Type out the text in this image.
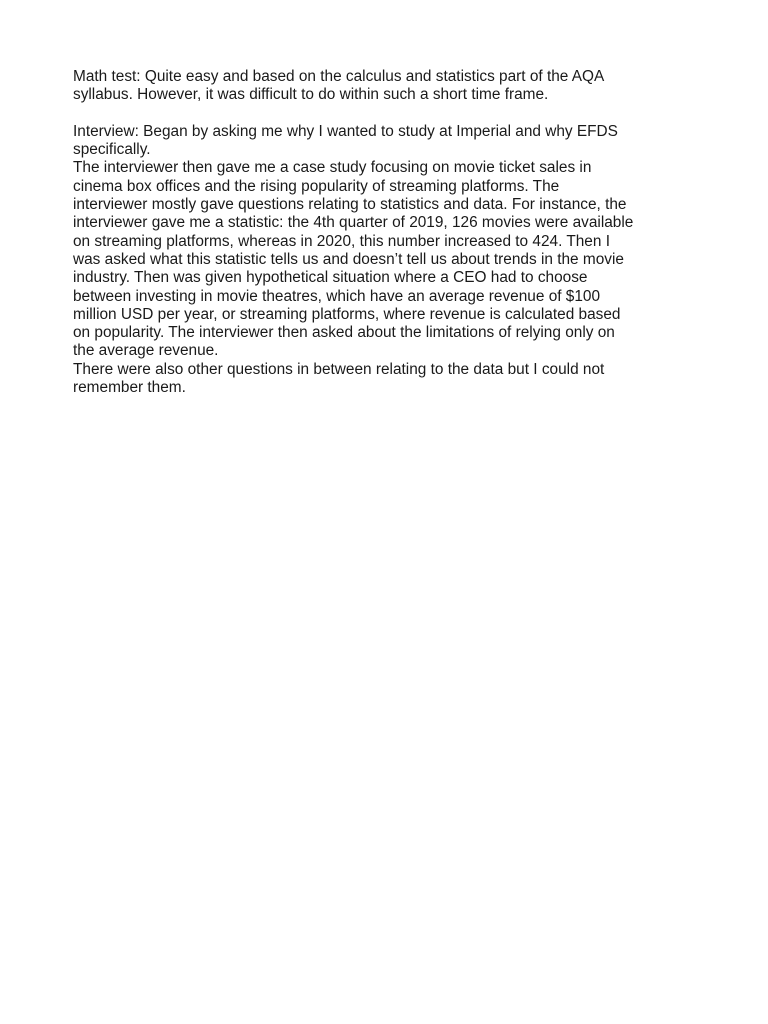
Math test: Quite easy and based on the calculus and statistics part of the AQA
syllabus. However, it was difficult to do within such a short time frame.
Interview: Began by asking me why I wanted to study at Imperial and why EFDS
specifically.
The interviewer then gave me a case study focusing on movie ticket sales in
cinema box offices and the rising popularity of streaming platforms. The
interviewer mostly gave questions relating to statistics and data. For instance, the
interviewer gave me a statistic: the 4th quarter of 2019, 126 movies were available
on streaming platforms, whereas in 2020, this number increased to 424. Then I
was asked what this statistic tells us and doesn’t tell us about trends in the movie
industry. Then was given hypothetical situation where a CEO had to choose
between investing in movie theatres, which have an average revenue of $100
million USD per year, or streaming platforms, where revenue is calculated based
on popularity. The interviewer then asked about the limitations of relying only on
the average revenue.
There were also other questions in between relating to the data but I could not
remember them.
